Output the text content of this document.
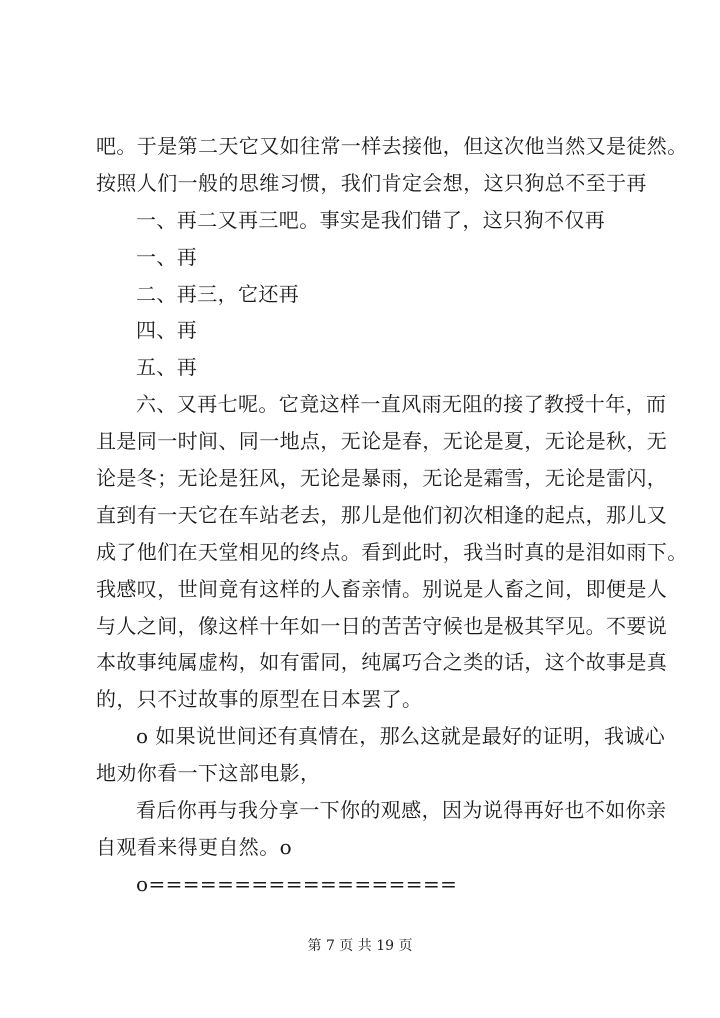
吧。于是第二天它又如往常一样去接他，但这次他当然又是徒然。
按照人们一般的思维习惯，我们肯定会想，这只狗总不至于再
一、再二又再三吧。事实是我们错了，这只狗不仅再
一、再
二、再三，它还再
四、再
五、再
六、又再七呢。它竟这样一直风雨无阻的接了教授十年，而
且是同一时间、同一地点，无论是春，无论是夏，无论是秋，无
论是冬；无论是狂风，无论是暴雨，无论是霜雪，无论是雷闪，
直到有一天它在车站老去，那儿是他们初次相逢的起点，那儿又
成了他们在天堂相见的终点。看到此时，我当时真的是泪如雨下。
我感叹，世间竟有这样的人畜亲情。别说是人畜之间，即便是人
与人之间，像这样十年如一日的苦苦守候也是极其罕见。不要说
本故事纯属虚构，如有雷同，纯属巧合之类的话，这个故事是真
的，只不过故事的原型在日本罢了。
o 如果说世间还有真情在，那么这就是最好的证明，我诚心
地劝你看一下这部电影，
看后你再与我分享一下你的观感，因为说得再好也不如你亲
自观看来得更自然。o
o==================
第 7 页 共 19 页
